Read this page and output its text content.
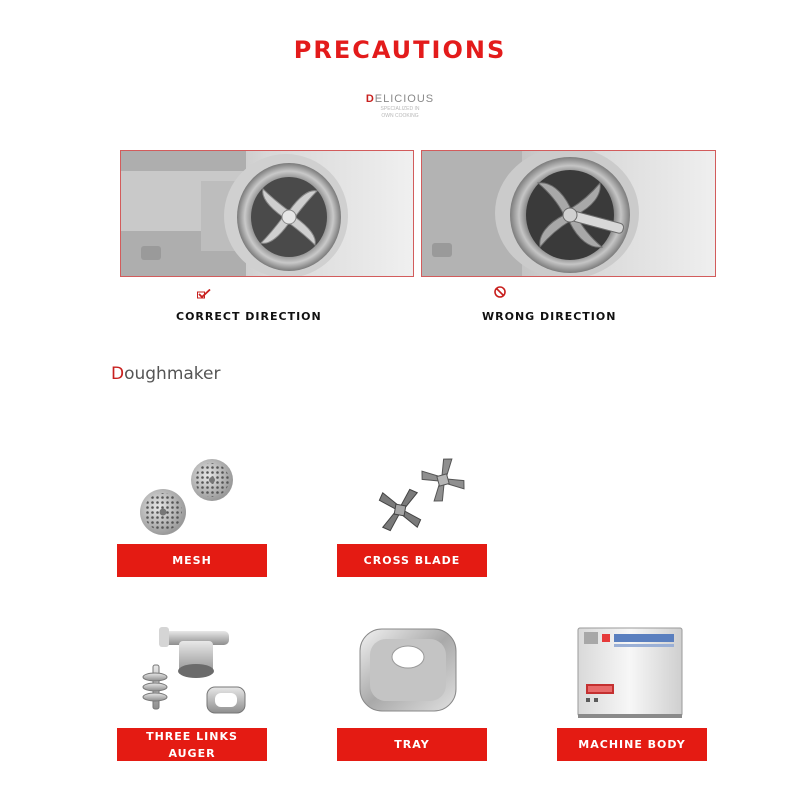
PRECAUTIONS
DELICIOUS
SPECIALIZED IN
OWN COOKING
CORRECT DIRECTION	WRONG DIRECTION
Doughmaker
MESH	CROSS BLADE
THREE LINKS
AUGER
TRAY	MACHINE BODY
